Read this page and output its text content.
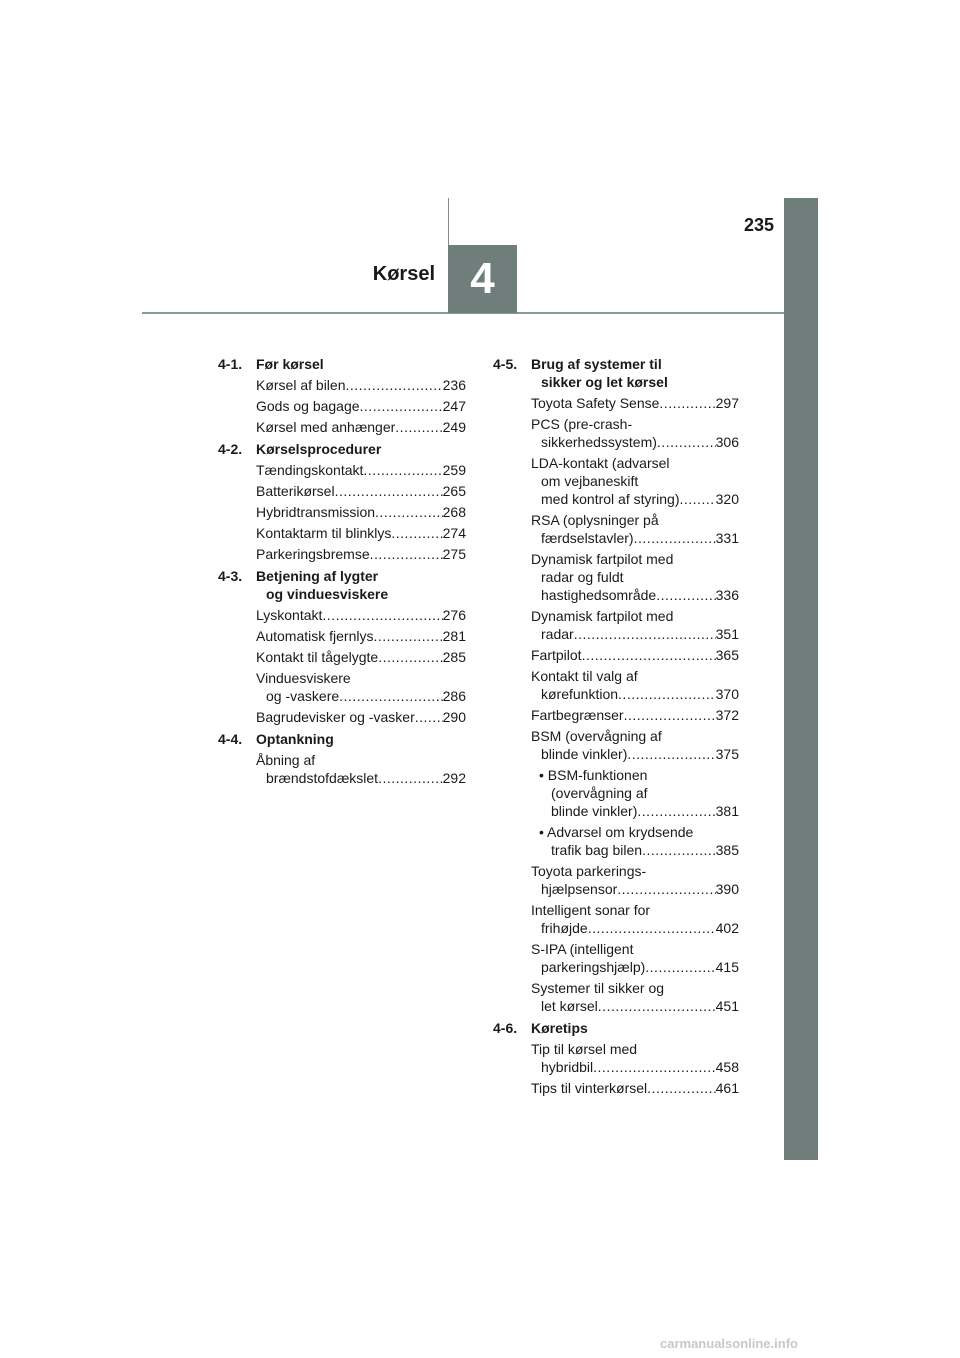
235
4
Kørsel
4-1. Før kørsel
Kørsel af bilen .....	236
Gods og bagage .....	247
Kørsel med anhænger .....	249
4-2. Kørselsprocedurer
Tændingskontakt .....	259
Batterikørsel .....	265
Hybridtransmission .....	268
Kontaktarm til blinklys .....	274
Parkeringsbremse .....	275
4-3. Betjening af lygter
og vinduesviskere
Lyskontakt .....	276
Automatisk fjernlys .....	281
Kontakt til tågelygte .....	285
Vinduesviskere
og -vaskere .....	286
Bagrudevisker og -vasker ..... 290
4-4. Optankning
Åbning af
brændstofdækslet .....	292
4-5. Brug af systemer til
sikker og let kørsel
Toyota Safety Sense .....	297
PCS (pre-crash-
sikkerhedssystem) .....	306
LDA-kontakt (advarsel
om vejbaneskift
med kontrol af styring) .....	320
RSA (oplysninger på
færdselstavler) .....	331
Dynamisk fartpilot med
radar og fuldt
hastighedsområde .....	336
Dynamisk fartpilot med
radar .....	351
Fartpilot .....	365
Kontakt til valg af
kørefunktion .....	370
Fartbegrænser .....	372
BSM (overvågning af
blinde vinkler) .....	375
• BSM-funktionen
(overvågning af
blinde vinkler) .....	381
• Advarsel om krydsende
trafik bag bilen .....	385
Toyota parkerings-
hjælpsensor .....	390
Intelligent sonar for
frihøjde .....	402
S-IPA (intelligent
parkeringshjælp) .....	415
Systemer til sikker og
let kørsel .....	451
4-6. Køretips
Tip til kørsel med
hybridbil .....	458
Tips til vinterkørsel .....	461
carmanualsonline.info
